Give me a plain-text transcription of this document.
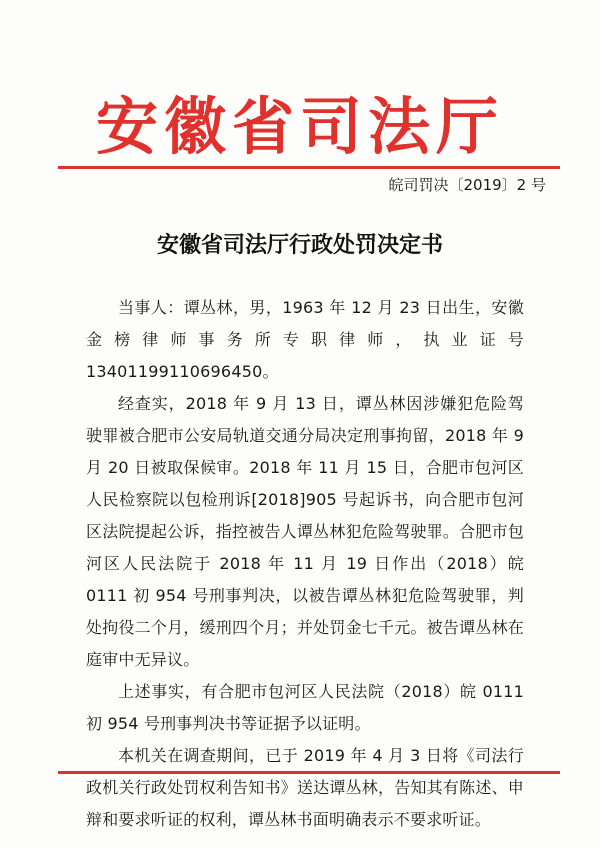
安徽省司法厅
皖司罚决〔2019〕2 号
安徽省司法厅行政处罚决定书

当事人：谭丛林，男，1963 年 12 月 23 日出生，安徽金榜律师事务所专职律师，执业证号 13401199110696450。

经查实，2018 年 9 月 13 日，谭丛林因涉嫌犯危险驾驶罪被合肥市公安局轨道交通分局决定刑事拘留，2018 年 9 月 20 日被取保候审。2018 年 11 月 15 日，合肥市包河区人民检察院以包检刑诉[2018]905 号起诉书，向合肥市包河区法院提起公诉，指控被告人谭丛林犯危险驾驶罪。合肥市包河区人民法院于 2018 年 11 月 19 日作出（2018）皖 0111 初 954 号刑事判决，以被告谭丛林犯危险驾驶罪，判处拘役二个月，缓刑四个月；并处罚金七千元。被告谭丛林在庭审中无异议。

上述事实，有合肥市包河区人民法院（2018）皖 0111 初 954 号刑事判决书等证据予以证明。

本机关在调查期间，已于 2019 年 4 月 3 日将《司法行政机关行政处罚权利告知书》送达谭丛林，告知其有陈述、申辩和要求听证的权利，谭丛林书面明确表示不要求听证。
